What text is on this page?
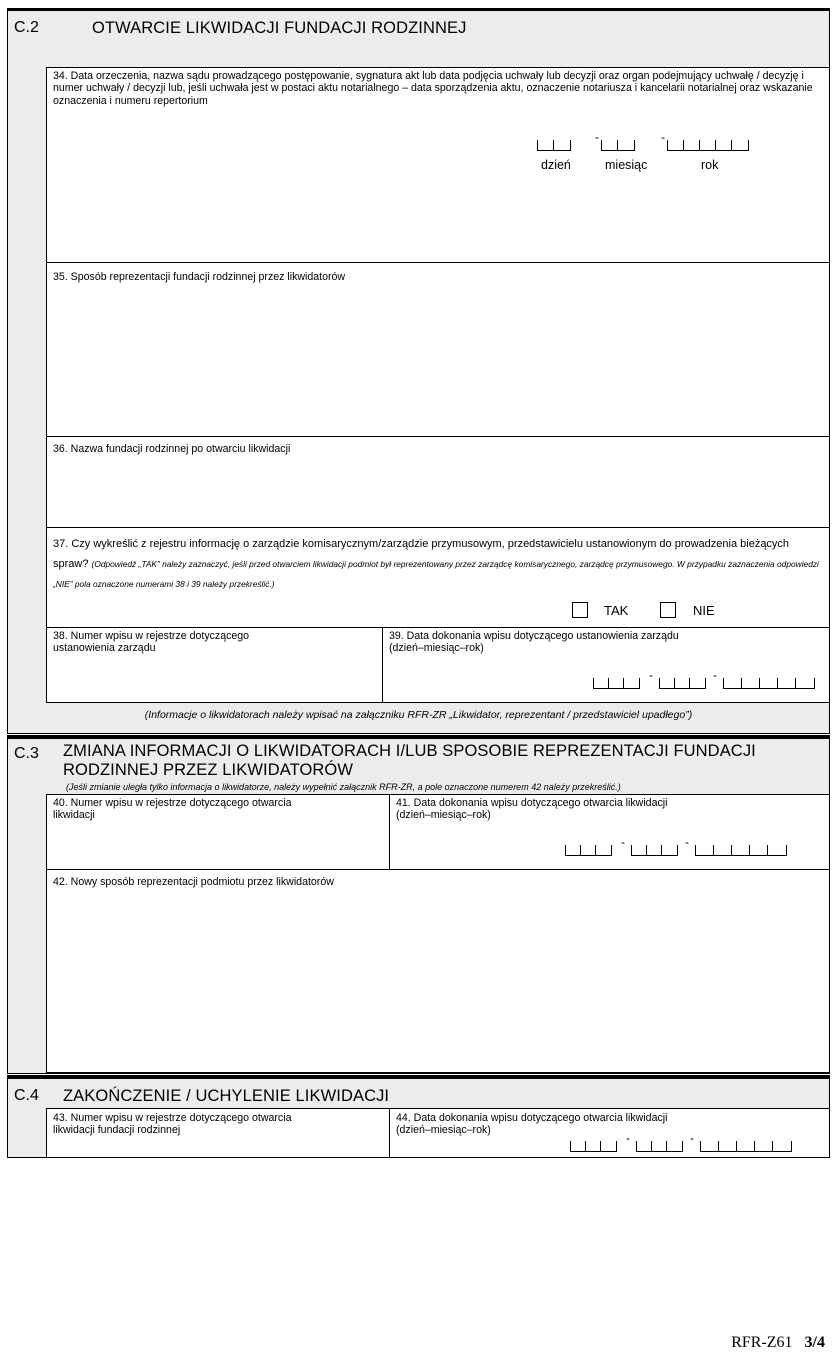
C.2	OTWARCIE LIKWIDACJI FUNDACJI RODZINNEJ
34. Data orzeczenia, nazwa sądu prowadzącego postępowanie, sygnatura akt lub data podjęcia uchwały lub decyzji oraz organ podejmujący uchwałę / decyzję i numer uchwały / decyzji lub, jeśli uchwała jest w postaci aktu notarialnego – data sporządzenia aktu, oznaczenie notariusza i kancelarii notarialnej oraz wskazanie oznaczenia i numeru repertorium
-	-
dzień	miesiąc	rok
35. Sposób reprezentacji fundacji rodzinnej przez likwidatorów
36. Nazwa fundacji rodzinnej po otwarciu likwidacji
37. Czy wykreślić z rejestru informację o zarządzie komisarycznym/zarządzie przymusowym, przedstawicielu ustanowionym do prowadzenia bieżących spraw? (Odpowiedź „TAK” należy zaznaczyć, jeśli przed otwarciem likwidacji podmiot był reprezentowany przez zarządcę komisarycznego, zarządcę przymusowego. W przypadku zaznaczenia odpowiedzi „NIE” pola oznaczone numerami 38 i 39 należy przekreślić.)
TAK	NIE
38. Numer wpisu w rejestrze dotyczącego
ustanowienia zarządu
39. Data dokonania wpisu dotyczącego ustanowienia zarządu
(dzień–miesiąc–rok)
-	-
(Informacje o likwidatorach należy wpisać na załączniku RFR-ZR „Likwidator, reprezentant / przedstawiciel upadłego”)
C.3 ZMIANA INFORMACJI O LIKWIDATORACH I/LUB SPOSOBIE REPREZENTACJI FUNDACJI RODZINNEJ PRZEZ LIKWIDATORÓW
(Jeśli zmianie uległa tylko informacja o likwidatorze, należy wypełnić załącznik RFR-ZR, a pole oznaczone numerem 42 należy przekreślić.)
40. Numer wpisu w rejestrze dotyczącego otwarcia
likwidacji
41. Data dokonania wpisu dotyczącego otwarcia likwidacji
(dzień–miesiąc–rok)
-	-
42. Nowy sposób reprezentacji podmiotu przez likwidatorów
C.4 ZAKOŃCZENIE / UCHYLENIE LIKWIDACJI
43. Numer wpisu w rejestrze dotyczącego otwarcia
likwidacji fundacji rodzinnej
44. Data dokonania wpisu dotyczącego otwarcia likwidacji
(dzień–miesiąc–rok)
-	-
RFR-Z61 3/4
